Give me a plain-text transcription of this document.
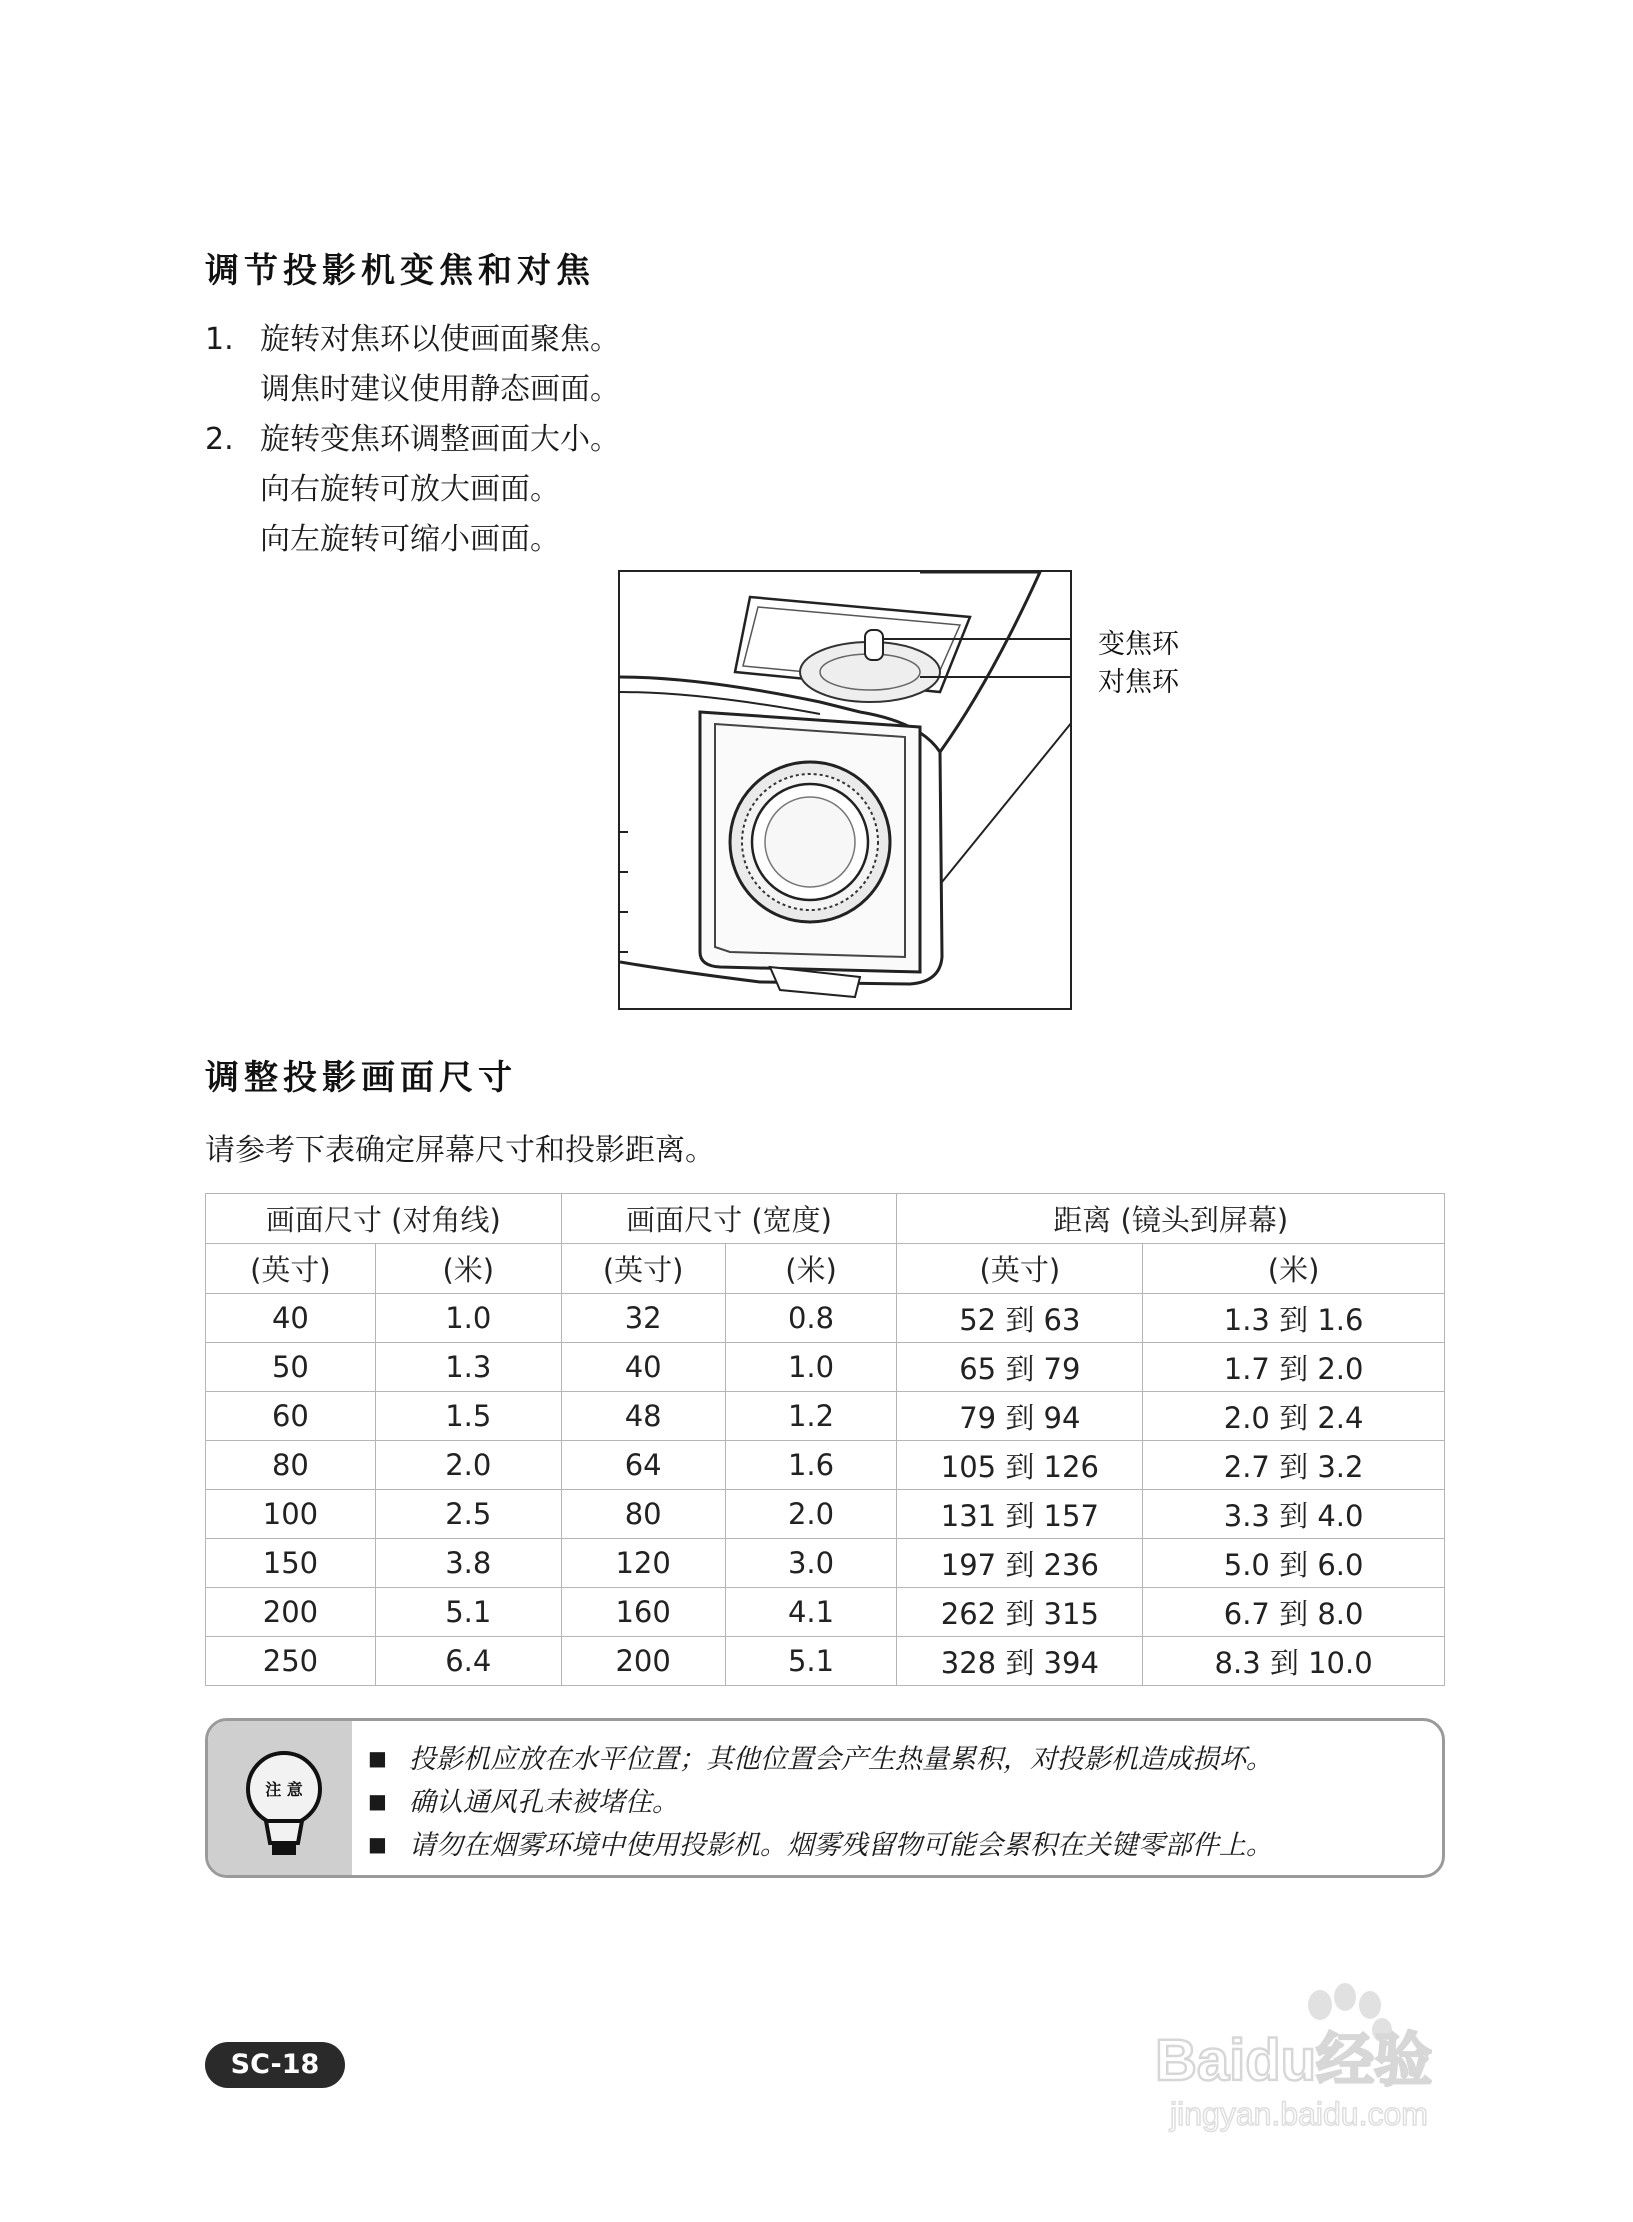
调节投影机变焦和对焦
1. 旋转对焦环以使画面聚焦。
调焦时建议使用静态画面。
2. 旋转变焦环调整画面大小。
向右旋转可放大画面。
向左旋转可缩小画面。
变焦环
对焦环
调整投影画面尺寸
请参考下表确定屏幕尺寸和投影距离。
画面尺寸 (对角线)		画面尺寸 (宽度)		距离 (镜头到屏幕)	
(英寸)	(米)	(英寸)	(米)	(英寸)	(米)
40	1.0	32	0.8	52 到 63	1.3 到 1.6
50	1.3	40	1.0	65 到 79	1.7 到 2.0
60	1.5	48	1.2	79 到 94	2.0 到 2.4
80	2.0	64	1.6	105 到 126	2.7 到 3.2
100	2.5	80	2.0	131 到 157	3.3 到 4.0
150	3.8	120	3.0	197 到 236	5.0 到 6.0
200	5.1	160	4.1	262 到 315	6.7 到 8.0
250	6.4	200	5.1	328 到 394	8.3 到 10.0
注 意
■ 投影机应放在水平位置；其他位置会产生热量累积，对投影机造成损坏。
■ 确认通风孔未被堵住。
■ 请勿在烟雾环境中使用投影机。烟雾残留物可能会累积在关键零部件上。
SC-18	Baidu经验
jingyan.baidu.com
